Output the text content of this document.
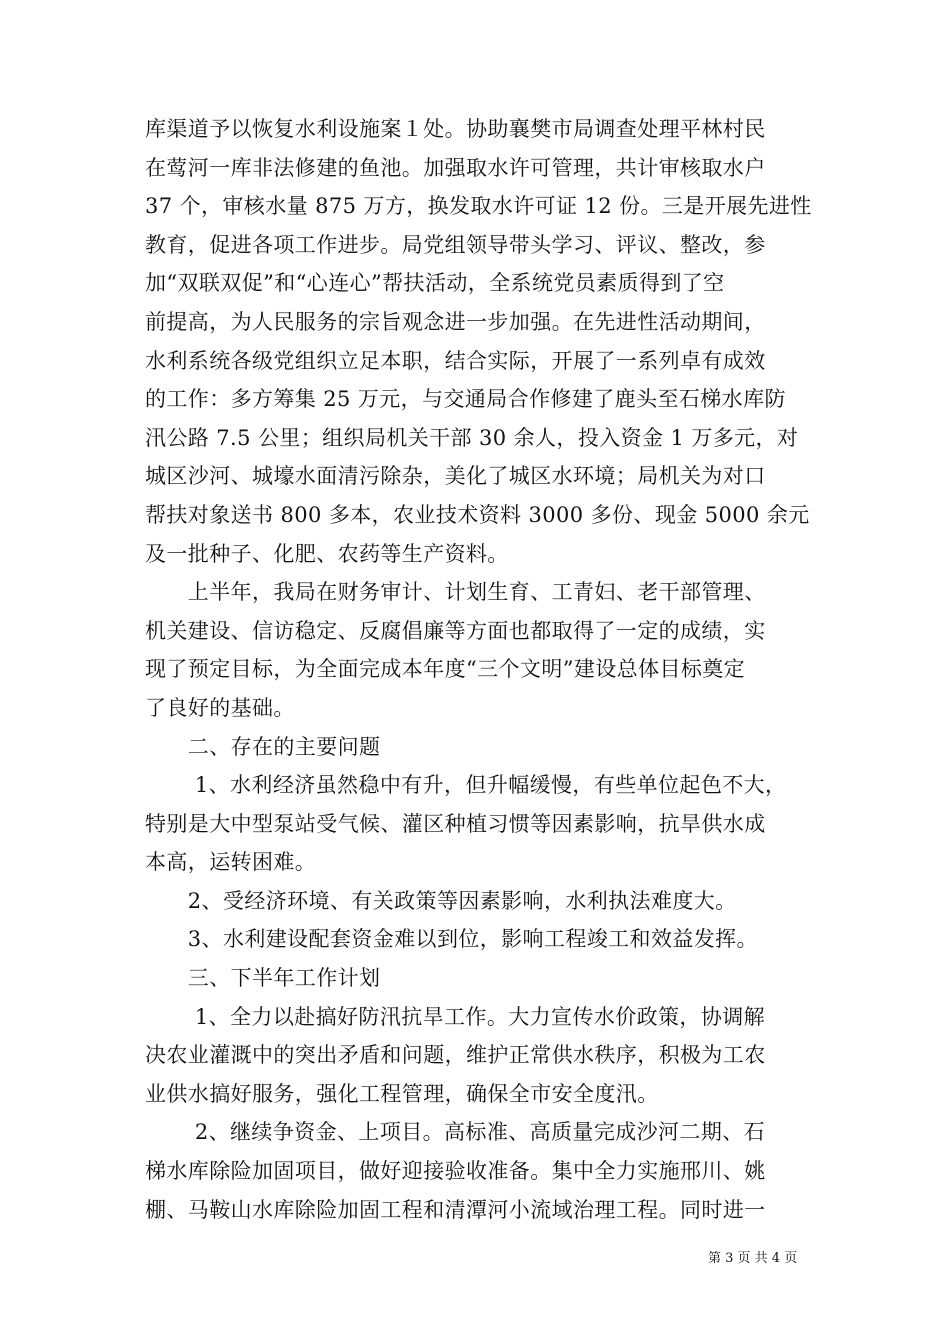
库渠道予以恢复水利设施案１处。协助襄樊市局调查处理平林村民
在莺河一库非法修建的鱼池。加强取水许可管理，共计审核取水户
37 个，审核水量 875 万方，换发取水许可证 12 份。三是开展先进性
教育，促进各项工作进步。局党组领导带头学习、评议、整改，参
加“双联双促”和“心连心”帮扶活动，全系统党员素质得到了空
前提高，为人民服务的宗旨观念进一步加强。在先进性活动期间，
水利系统各级党组织立足本职，结合实际，开展了一系列卓有成效
的工作：多方筹集 25 万元，与交通局合作修建了鹿头至石梯水库防
汛公路 7.5 公里；组织局机关干部 30 余人，投入资金 1 万多元，对
城区沙河、城壕水面清污除杂，美化了城区水环境；局机关为对口
帮扶对象送书 800 多本，农业技术资料 3000 多份、现金 5000 余元
及一批种子、化肥、农药等生产资料。
　　上半年，我局在财务审计、计划生育、工青妇、老干部管理、
机关建设、信访稳定、反腐倡廉等方面也都取得了一定的成绩，实
现了预定目标，为全面完成本年度“三个文明”建设总体目标奠定
了良好的基础。
　　二、存在的主要问题
　　 1、水利经济虽然稳中有升，但升幅缓慢，有些单位起色不大，
特别是大中型泵站受气候、灌区种植习惯等因素影响，抗旱供水成
本高，运转困难。
　　2、受经济环境、有关政策等因素影响，水利执法难度大。
　　3、水利建设配套资金难以到位，影响工程竣工和效益发挥。
　　三、下半年工作计划
　　 1、全力以赴搞好防汛抗旱工作。大力宣传水价政策，协调解
决农业灌溉中的突出矛盾和问题，维护正常供水秩序，积极为工农
业供水搞好服务，强化工程管理，确保全市安全度汛。
　　 2、继续争资金、上项目。高标准、高质量完成沙河二期、石
梯水库除险加固项目，做好迎接验收准备。集中全力实施邢川、姚
棚、马鞍山水库除险加固工程和清潭河小流域治理工程。同时进一
第 3 页 共 4 页
